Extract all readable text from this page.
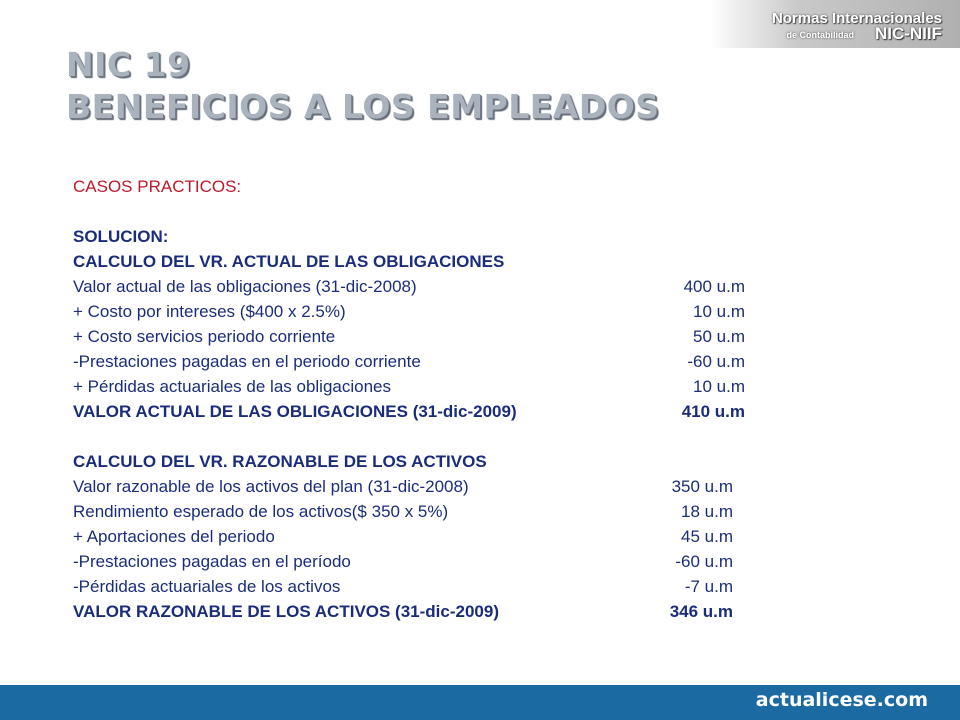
Normas Internacionales
de Contabilidad NIC-NIIF
NIC 19
BENEFICIOS A LOS EMPLEADOS
CASOS PRACTICOS:
SOLUCION:
CALCULO DEL VR. ACTUAL DE LAS OBLIGACIONES
Valor actual de las obligaciones (31-dic-2008)	400 u.m
+ Costo por intereses ($400 x 2.5%)	10 u.m
+ Costo servicios periodo corriente	50 u.m
-Prestaciones pagadas en el periodo corriente	-60 u.m
+ Pérdidas actuariales de las obligaciones	10 u.m
VALOR ACTUAL DE LAS OBLIGACIONES (31-dic-2009)	410 u.m
CALCULO DEL VR. RAZONABLE DE LOS ACTIVOS
Valor razonable de los activos del plan (31-dic-2008)	350 u.m
Rendimiento esperado de los activos($ 350 x 5%)	18 u.m
+ Aportaciones del periodo	45 u.m
-Prestaciones pagadas en el período	-60 u.m
-Pérdidas actuariales de los activos	-7 u.m
VALOR RAZONABLE DE LOS ACTIVOS (31-dic-2009)	346 u.m
actualicese.com
